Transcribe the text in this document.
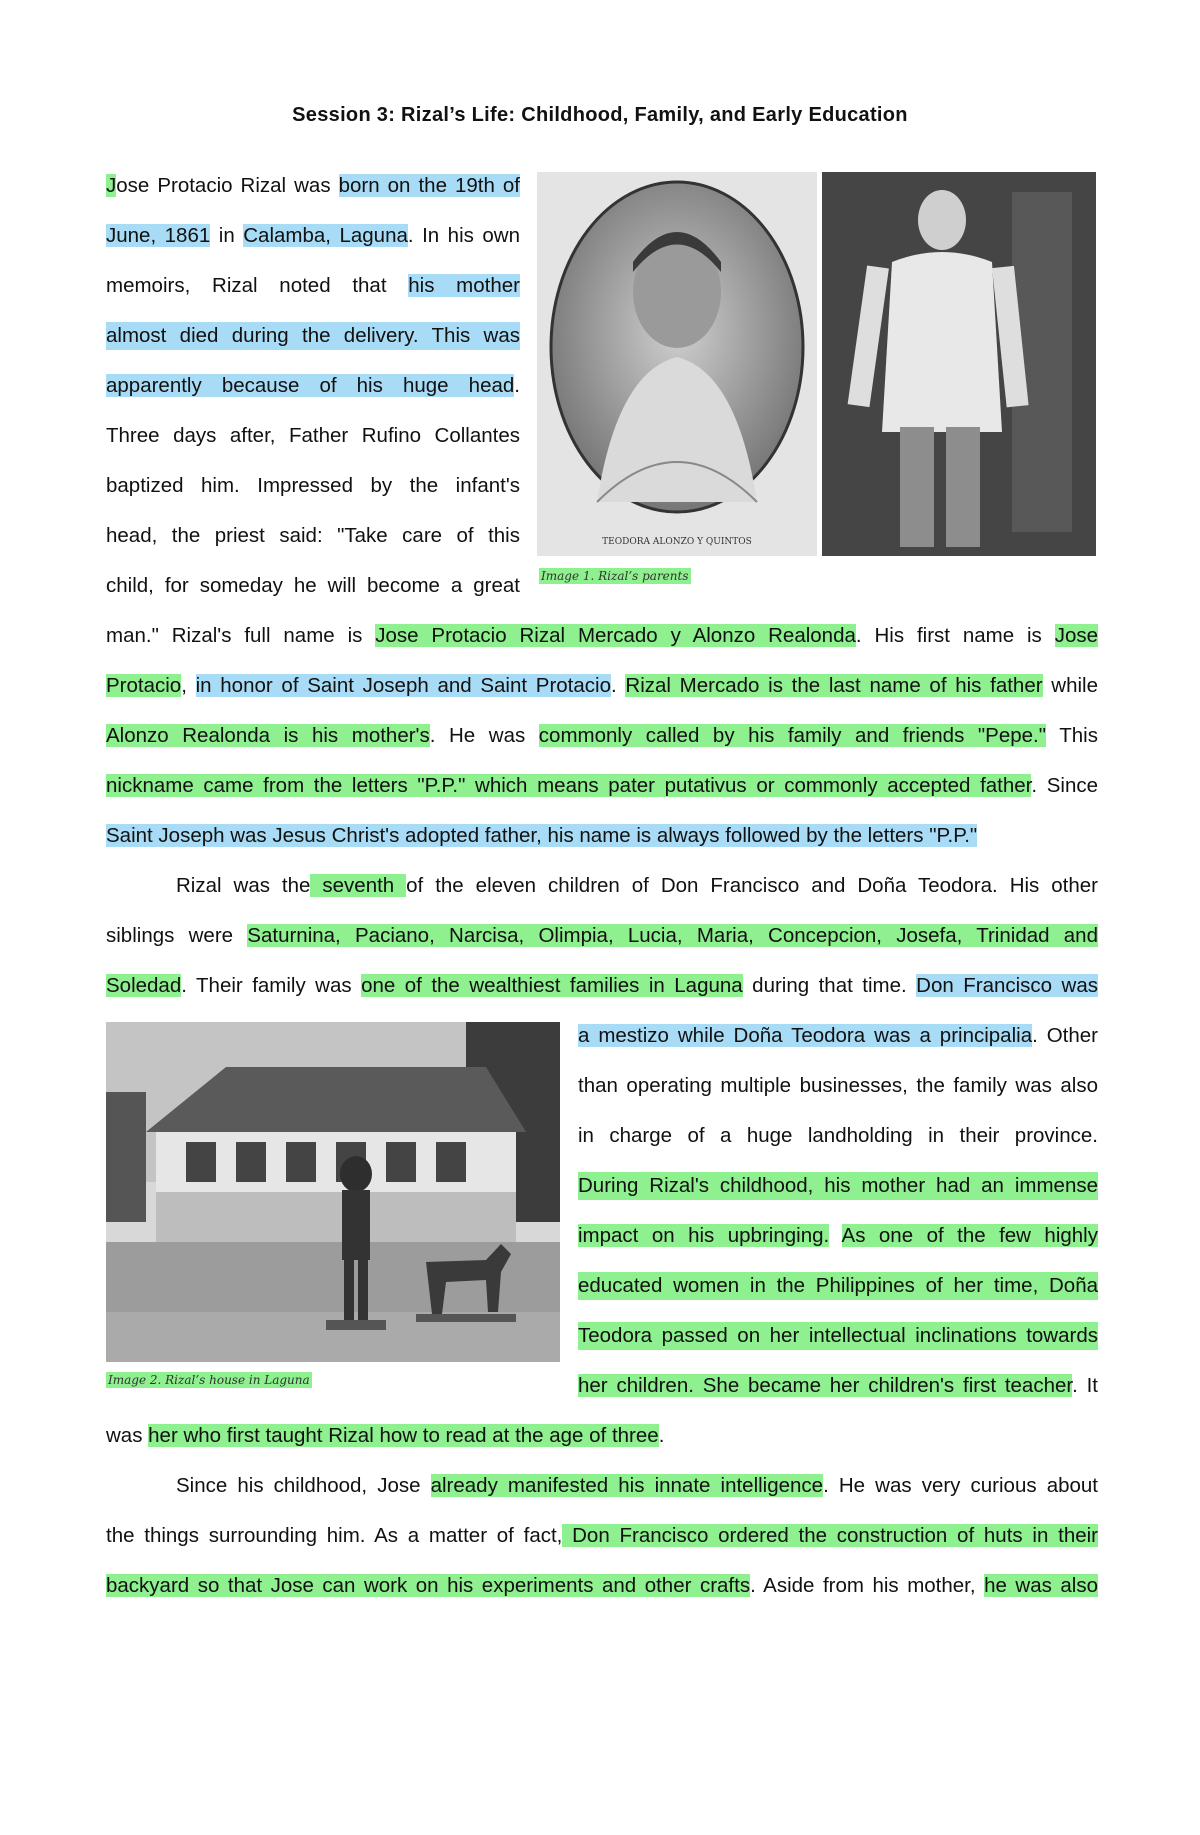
Session 3: Rizal’s Life: Childhood, Family, and Early Education
TEODORA ALONZO Y QUINTOS
Image 1. Rizal’s parents
Jose Protacio Rizal was born on the 19th of
June, 1861 in Calamba, Laguna. In his own
memoirs, Rizal noted that his mother
almost died during the delivery. This was
apparently because of his huge head.
Three days after, Father Rufino Collantes
baptized him. Impressed by the infant's
head, the priest said: "Take care of this
child, for someday he will become a great
man." Rizal's full name is Jose Protacio Rizal Mercado y Alonzo Realonda. His first name is Jose
Protacio, in honor of Saint Joseph and Saint Protacio. Rizal Mercado is the last name of his father while
Alonzo Realonda is his mother's. He was commonly called by his family and friends "Pepe." This
nickname came from the letters "P.P." which means pater putativus or commonly accepted father. Since
Saint Joseph was Jesus Christ's adopted father, his name is always followed by the letters "P.P."
Rizal was the seventh of the eleven children of Don Francisco and Doña Teodora. His other
siblings were Saturnina, Paciano, Narcisa, Olimpia, Lucia, Maria, Concepcion, Josefa, Trinidad and
Soledad. Their family was one of the wealthiest families in Laguna during that time. Don Francisco was
Image 2. Rizal’s house in Laguna
a mestizo while Doña Teodora was a principalia. Other
than operating multiple businesses, the family was also
in charge of a huge landholding in their province.
During Rizal's childhood, his mother had an immense
impact on his upbringing. As one of the few highly
educated women in the Philippines of her time, Doña
Teodora passed on her intellectual inclinations towards
her children. She became her children's first teacher. It
was her who first taught Rizal how to read at the age of three.
Since his childhood, Jose already manifested his innate intelligence. He was very curious about
the things surrounding him. As a matter of fact, Don Francisco ordered the construction of huts in their
backyard so that Jose can work on his experiments and other crafts. Aside from his mother, he was also
